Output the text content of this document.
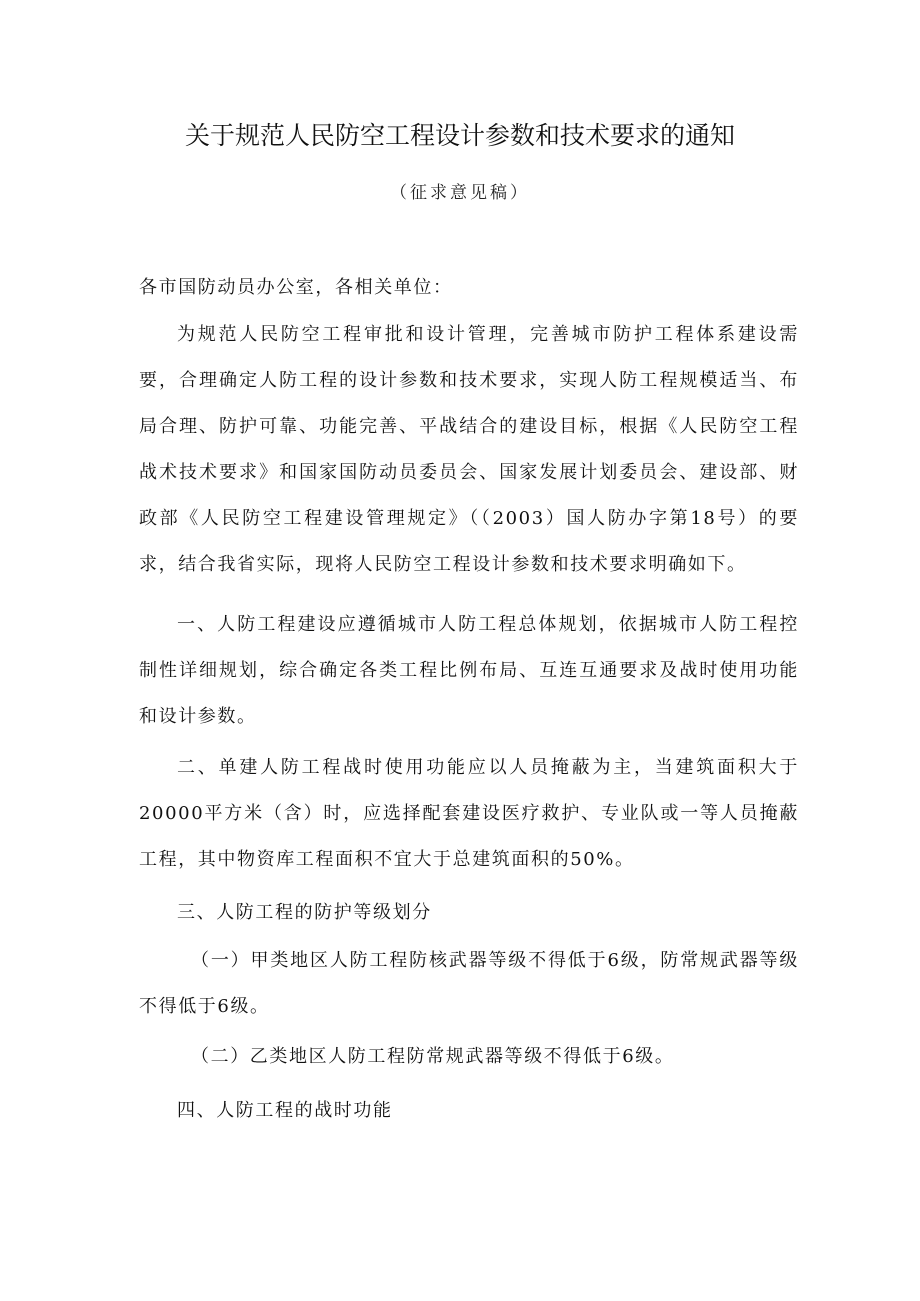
关于规范人民防空工程设计参数和技术要求的通知
（征求意见稿）

各市国防动员办公室，各相关单位：

为规范人民防空工程审批和设计管理，完善城市防护工程体系建设需要，合理确定人防工程的设计参数和技术要求，实现人防工程规模适当、布局合理、防护可靠、功能完善、平战结合的建设目标，根据《人民防空工程战术技术要求》和国家国防动员委员会、国家发展计划委员会、建设部、财政部《人民防空工程建设管理规定》（（2003）国人防办字第18号）的要求，结合我省实际，现将人民防空工程设计参数和技术要求明确如下。

一、人防工程建设应遵循城市人防工程总体规划，依据城市人防工程控制性详细规划，综合确定各类工程比例布局、互连互通要求及战时使用功能和设计参数。

二、单建人防工程战时使用功能应以人员掩蔽为主，当建筑面积大于20000平方米（含）时，应选择配套建设医疗救护、专业队或一等人员掩蔽工程，其中物资库工程面积不宜大于总建筑面积的50%。

三、人防工程的防护等级划分

（一）甲类地区人防工程防核武器等级不得低于6级，防常规武器等级不得低于6级。

（二）乙类地区人防工程防常规武器等级不得低于6级。

四、人防工程的战时功能
